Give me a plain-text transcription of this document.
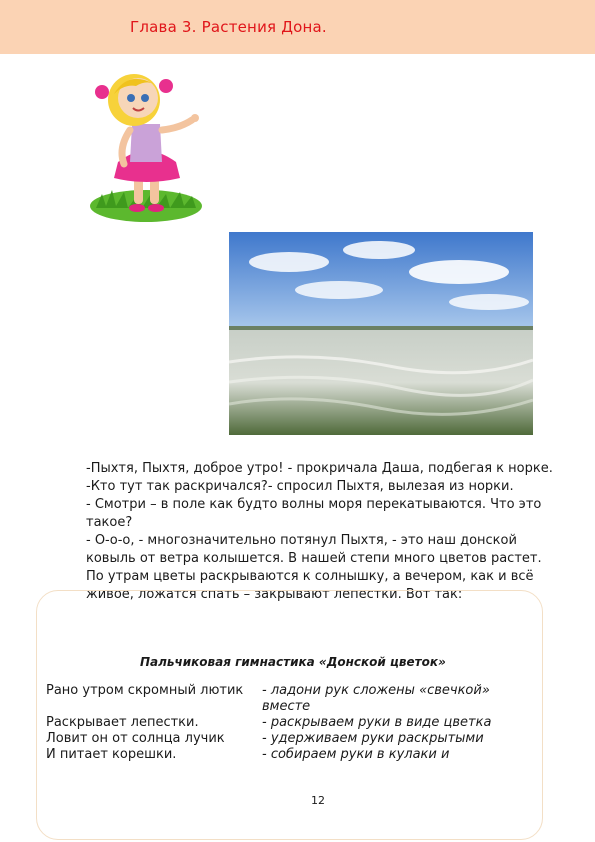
Глава 3. Растения Дона.

-Пыхтя, Пыхтя, доброе утро! - прокричала Даша, подбегая к норке.

-Кто тут так раскричался?- спросил Пыхтя, вылезая из норки.

- Смотри – в поле как будто волны моря перекатываются. Что это такое?

- О-о-о, - многозначительно потянул Пыхтя, - это наш донской ковыль от ветра колышется. В нашей степи много цветов растет. По утрам цветы раскрываются к солнышку, а вечером, как и всё живое, ложатся спать – закрывают лепестки. Вот так:

Пальчиковая гимнастика «Донской цветок»
Рано утром скромный лютик	- ладони рук сложены «свечкой» вместе
Раскрывает лепестки.	- раскрываем руки в виде цветка
Ловит он от солнца лучик	- удерживаем руки раскрытыми
И питает корешки.	- собираем руки в кулаки и
12
